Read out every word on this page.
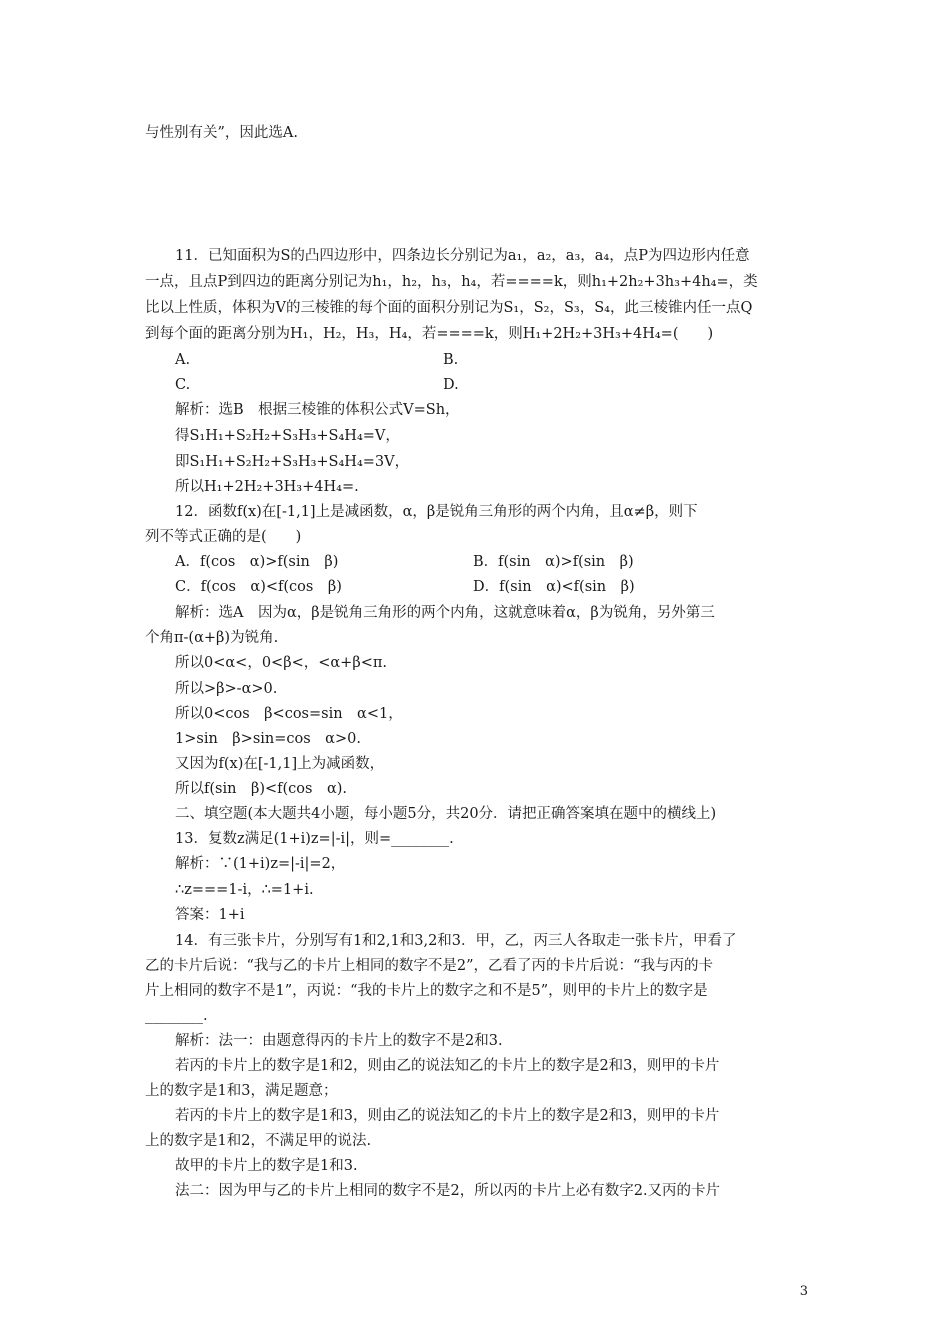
与性别有关”，因此选A.
11．已知面积为S的凸四边形中，四条边长分别记为a₁，a₂，a₃，a₄，点P为四边形内任意
一点，且点P到四边的距离分别记为h₁，h₂，h₃，h₄，若====k，则h₁+2h₂+3h₃+4h₄=，类
比以上性质，体积为V的三棱锥的每个面的面积分别记为S₁，S₂，S₃，S₄，此三棱锥内任一点Q
到每个面的距离分别为H₁，H₂，H₃，H₄，若====k，则H₁+2H₂+3H₃+4H₄=(　　)
A.	B.
C.	D.
解析：选B　根据三棱锥的体积公式V=Sh，
得S₁H₁+S₂H₂+S₃H₃+S₄H₄=V，
即S₁H₁+S₂H₂+S₃H₃+S₄H₄=3V，
所以H₁+2H₂+3H₃+4H₄=.
12．函数f(x)在[-1,1]上是减函数，α，β是锐角三角形的两个内角，且α≠β，则下
列不等式正确的是(　　)
A．f(cos　α)>f(sin　β)	B．f(sin　α)>f(sin　β)
C．f(cos　α)<f(cos　β)	D．f(sin　α)<f(sin　β)
解析：选A　因为α，β是锐角三角形的两个内角，这就意味着α，β为锐角，另外第三
个角π-(α+β)为锐角.
所以0<α<，0<β<，<α+β<π.
所以>β>-α>0.
所以0<cos　β<cos=sin　α<1，
1>sin　β>sin=cos　α>0.
又因为f(x)在[-1,1]上为减函数，
所以f(sin　β)<f(cos　α).
二、填空题(本大题共4小题，每小题5分，共20分．请把正确答案填在题中的横线上)
13．复数z满足(1+i)z=|-i|，则=________.
解析：∵(1+i)z=|-i|=2，
∴z===1-i，∴=1+i.
答案：1+i
14．有三张卡片，分别写有1和2,1和3,2和3．甲，乙，丙三人各取走一张卡片，甲看了
乙的卡片后说：“我与乙的卡片上相同的数字不是2”，乙看了丙的卡片后说：“我与丙的卡
片上相同的数字不是1”，丙说：“我的卡片上的数字之和不是5”，则甲的卡片上的数字是
________.
解析：法一：由题意得丙的卡片上的数字不是2和3.
若丙的卡片上的数字是1和2，则由乙的说法知乙的卡片上的数字是2和3，则甲的卡片
上的数字是1和3，满足题意；
若丙的卡片上的数字是1和3，则由乙的说法知乙的卡片上的数字是2和3，则甲的卡片
上的数字是1和2，不满足甲的说法.
故甲的卡片上的数字是1和3.
法二：因为甲与乙的卡片上相同的数字不是2，所以丙的卡片上必有数字2.又丙的卡片
3
